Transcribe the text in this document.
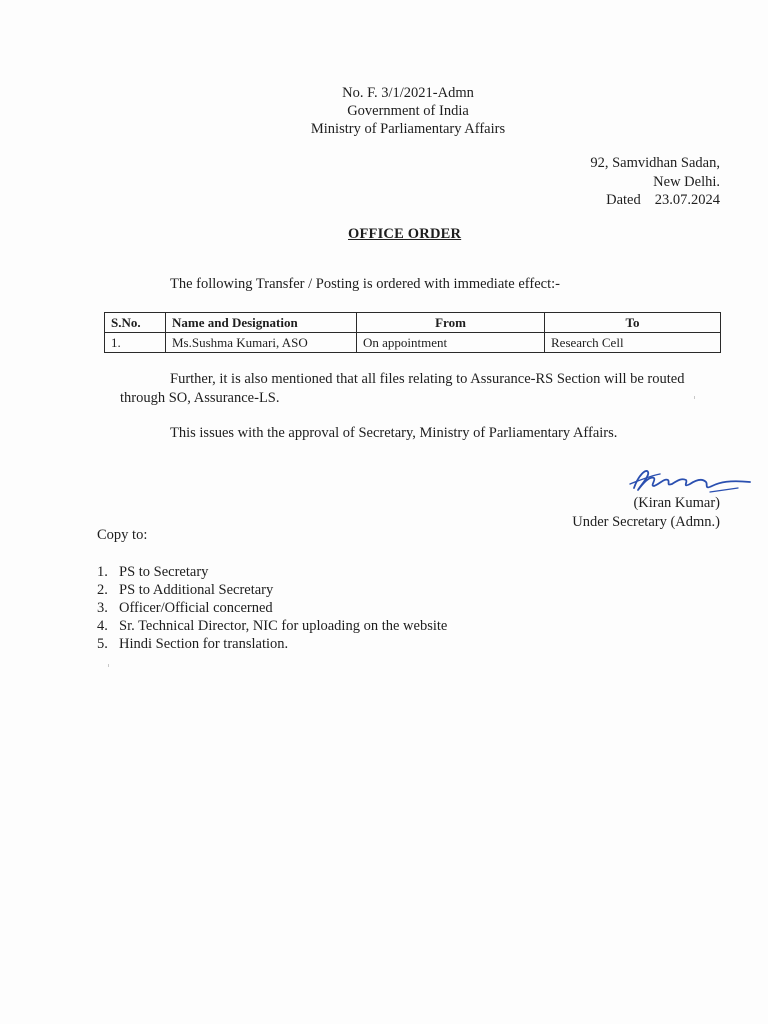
No. F. 3/1/2021-Admn
Government of India
Ministry of Parliamentary Affairs
92, Samvidhan Sadan,
New Delhi.
Dated 23.07.2024
OFFICE ORDER
The following Transfer / Posting is ordered with immediate effect:-
S.No.	Name and Designation	From	To
1.	Ms.Sushma Kumari, ASO	On appointment	Research Cell
Further, it is also mentioned that all files relating to Assurance-RS Section will be routed through SO, Assurance-LS.
This issues with the approval of Secretary, Ministry of Parliamentary Affairs.
(Kiran Kumar)
Under Secretary (Admn.)
Copy to:
1. PS to Secretary
2. PS to Additional Secretary
3. Officer/Official concerned
4. Sr. Technical Director, NIC for uploading on the website
5. Hindi Section for translation.
